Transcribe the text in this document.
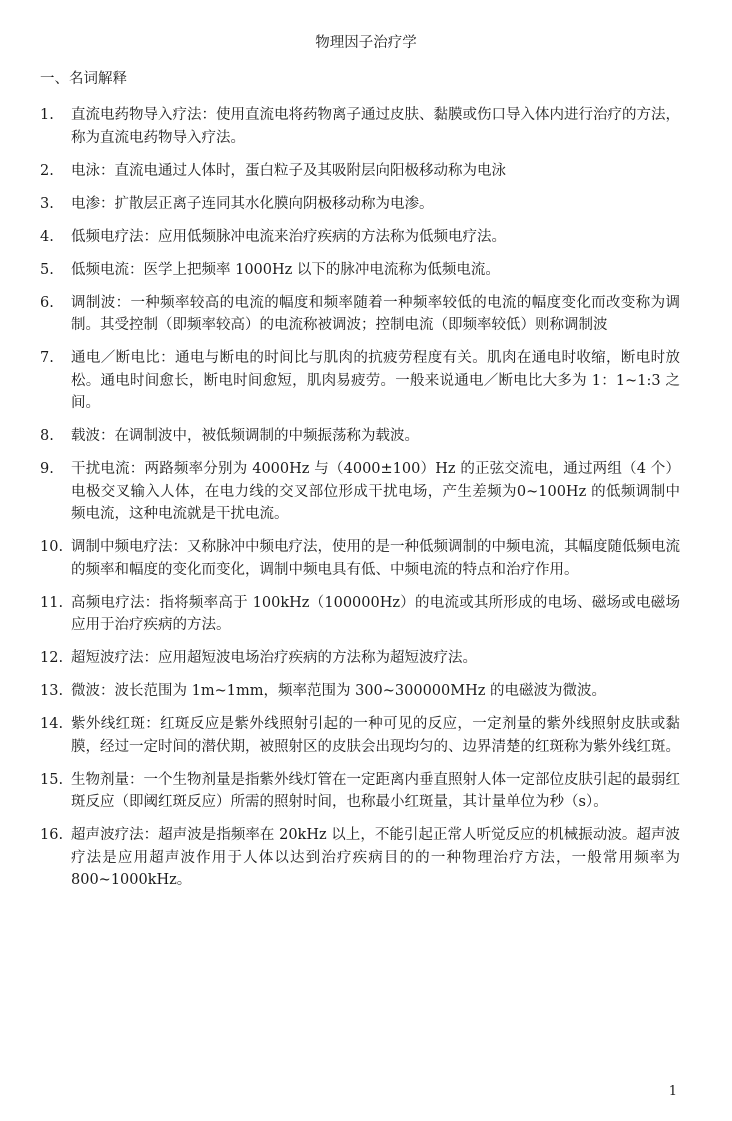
物理因子治疗学
一、名词解释
1. 直流电药物导入疗法：使用直流电将药物离子通过皮肤、黏膜或伤口导入体内进行治疗的方法，称为直流电药物导入疗法。
2. 电泳：直流电通过人体时，蛋白粒子及其吸附层向阳极移动称为电泳
3. 电渗：扩散层正离子连同其水化膜向阴极移动称为电渗。
4. 低频电疗法：应用低频脉冲电流来治疗疾病的方法称为低频电疗法。
5. 低频电流：医学上把频率 1000Hz 以下的脉冲电流称为低频电流。
6. 调制波：一种频率较高的电流的幅度和频率随着一种频率较低的电流的幅度变化而改变称为调制。其受控制（即频率较高）的电流称被调波；控制电流（即频率较低）则称调制波
7. 通电／断电比：通电与断电的时间比与肌肉的抗疲劳程度有关。肌肉在通电时收缩，断电时放松。通电时间愈长，断电时间愈短，肌肉易疲劳。一般来说通电／断电比大多为 1：1~1:3 之间。
8. 载波：在调制波中，被低频调制的中频振荡称为载波。
9. 干扰电流：两路频率分别为 4000Hz 与（4000±100）Hz 的正弦交流电，通过两组（4 个）电极交叉输入人体，在电力线的交叉部位形成干扰电场，产生差频为0~100Hz 的低频调制中频电流，这种电流就是干扰电流。
10. 调制中频电疗法：又称脉冲中频电疗法，使用的是一种低频调制的中频电流，其幅度随低频电流的频率和幅度的变化而变化，调制中频电具有低、中频电流的特点和治疗作用。
11. 高频电疗法：指将频率高于 100kHz（100000Hz）的电流或其所形成的电场、磁场或电磁场应用于治疗疾病的方法。
12. 超短波疗法：应用超短波电场治疗疾病的方法称为超短波疗法。
13. 微波：波长范围为 1m~1mm，频率范围为 300~300000MHz 的电磁波为微波。
14. 紫外线红斑：红斑反应是紫外线照射引起的一种可见的反应，一定剂量的紫外线照射皮肤或黏膜，经过一定时间的潜伏期，被照射区的皮肤会出现均匀的、边界清楚的红斑称为紫外线红斑。
15. 生物剂量：一个生物剂量是指紫外线灯管在一定距离内垂直照射人体一定部位皮肤引起的最弱红斑反应（即阈红斑反应）所需的照射时间，也称最小红斑量，其计量单位为秒（s）。
16. 超声波疗法：超声波是指频率在 20kHz 以上，不能引起正常人听觉反应的机械振动波。超声波疗法是应用超声波作用于人体以达到治疗疾病目的的一种物理治疗方法，一般常用频率为 800~1000kHz。
1
